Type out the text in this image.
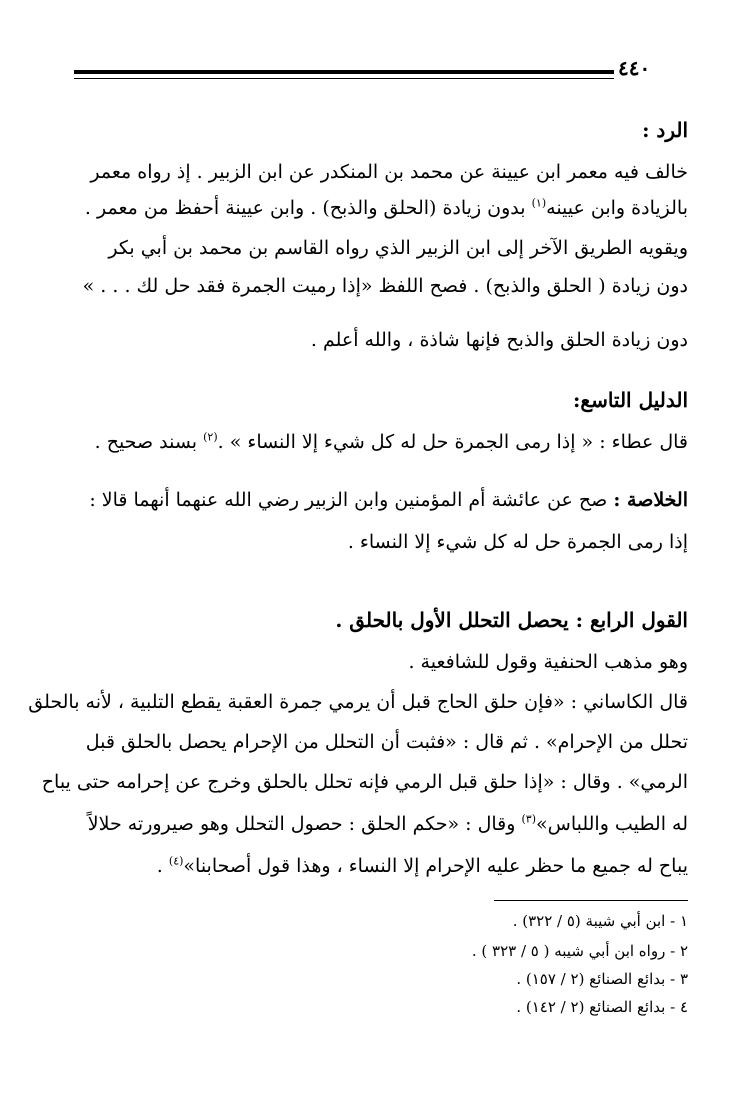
٤٤٠
الرد :
خالف فيه معمر ابن عيينة عن محمد بن المنكدر عن ابن الزبير . إذ رواه معمر
بالزيادة وابن عيينه$^{(١)}$ بدون زيادة (الحلق والذبح) . وابن عيينة أحفظ من معمر .
ويقويه الطريق الآخر إلى ابن الزبير الذي رواه القاسم بن محمد بن أبي بكر
دون زيادة ( الحلق والذبح) . فصح اللفظ «إذا رميت الجمرة فقد حل لك . . . »
دون زيادة الحلق والذبح فإنها شاذة ، والله أعلم .
الدليل التاسع:
قال عطاء : « إذا رمى الجمرة حل له كل شيء إلا النساء » .$^{(٢)}$ بسند صحيح .
الخلاصة : صح عن عائشة أم المؤمنين وابن الزبير رضي الله عنهما أنهما قالا :
إذا رمى الجمرة حل له كل شيء إلا النساء .
القول الرابع : يحصل التحلل الأول بالحلق .
وهو مذهب الحنفية وقول للشافعية .
قال الكاساني : «فإن حلق الحاج قبل أن يرمي جمرة العقبة يقطع التلبية ، لأنه بالحلق
تحلل من الإحرام» . ثم قال : «فثبت أن التحلل من الإحرام يحصل بالحلق قبل
الرمي» . وقال : «إذا حلق قبل الرمي فإنه تحلل بالحلق وخرج عن إحرامه حتى يباح
له الطيب واللباس»$^{(٣)}$ وقال : «حكم الحلق : حصول التحلل وهو صيرورته حلالاً
يباح له جميع ما حظر عليه الإحرام إلا النساء ، وهذا قول أصحابنا»$^{(٤)}$ .
١ - ابن أبي شيبة (٥ / ٣٢٢) .
٢ - رواه ابن أبي شيبه ( ٥ / ٣٢٣ ) .
٣ - بدائع الصنائع (٢ / ١٥٧) .
٤ - بدائع الصنائع (٢ / ١٤٢) .
